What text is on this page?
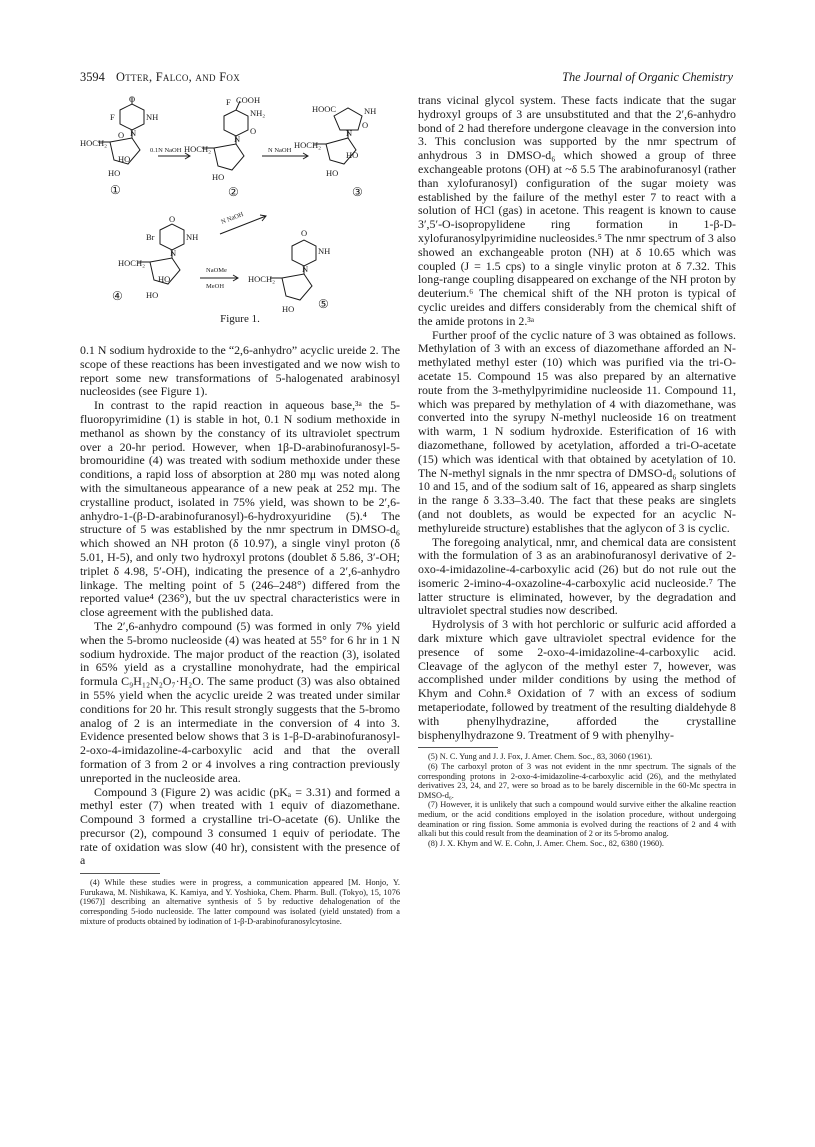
3594 Otter, Falco, and Fox	The Journal of Organic Chemistry
F	NH
O
N
O
HOCH₂
HO
HO
①
0.1N NaOH
F COOH
NH₂
O
N
HOCH₂
HO
②
N NaOH
HOOC	NH
N
O
HOCH₂
HO
HO
③
N NaOH
Br	NH
O
N
HOCH₂
HO
HO
④
NaOMe
MeOH
NH
O
N
HOCH₂
HO ⑤
Figure 1.

0.1 N sodium hydroxide to the “2,6-anhydro” acyclic ureide 2. The scope of these reactions has been investigated and we now wish to report some new transformations of 5-halogenated arabinosyl nucleosides (see Figure 1).

In contrast to the rapid reaction in aqueous base,³ᵃ the 5-fluoropyrimidine (1) is stable in hot, 0.1 N sodium methoxide in methanol as shown by the constancy of its ultraviolet spectrum over a 20-hr period. However, when 1β-D-arabinofuranosyl-5-bromouridine (4) was treated with sodium methoxide under these conditions, a rapid loss of absorption at 280 mμ was noted along with the simultaneous appearance of a new peak at 252 mμ. The crystalline product, isolated in 75% yield, was shown to be 2′,6-anhydro-1-(β-D-arabinofuranosyl)-6-hydroxyuridine (5).⁴ The structure of 5 was established by the nmr spectrum in DMSO-d₆ which showed an NH proton (δ 10.97), a single vinyl proton (δ 5.01, H-5), and only two hydroxyl protons (doublet δ 5.86, 3′-OH; triplet δ 4.98, 5′-OH), indicating the presence of a 2′,6-anhydro linkage. The melting point of 5 (246–248°) differed from the reported value⁴ (236°), but the uv spectral characteristics were in close agreement with the published data.

The 2′,6-anhydro compound (5) was formed in only 7% yield when the 5-bromo nucleoside (4) was heated at 55° for 6 hr in 1 N sodium hydroxide. The major product of the reaction (3), isolated in 65% yield as a crystalline monohydrate, had the empirical formula C₉H₁₂N₂O₇·H₂O. The same product (3) was also obtained in 55% yield when the acyclic ureide 2 was treated under similar conditions for 20 hr. This result strongly suggests that the 5-bromo analog of 2 is an intermediate in the conversion of 4 into 3. Evidence presented below shows that 3 is 1-β-D-arabinofuranosyl-2-oxo-4-imidazoline-4-carboxylic acid and that the overall formation of 3 from 2 or 4 involves a ring contraction previously unreported in the nucleoside area.

Compound 3 (Figure 2) was acidic (pKₐ = 3.31) and formed a methyl ester (7) when treated with 1 equiv of diazomethane. Compound 3 formed a crystalline tri-O-acetate (6). Unlike the precursor (2), compound 3 consumed 1 equiv of periodate. The rate of oxidation was slow (40 hr), consistent with the presence of a

(4) While these studies were in progress, a communication appeared [M. Honjo, Y. Furukawa, M. Nishikawa, K. Kamiya, and Y. Yoshioka, Chem. Pharm. Bull. (Tokyo), 15, 1076 (1967)] describing an alternative synthesis of 5 by reductive dehalogenation of the corresponding 5-iodo nucleoside. The latter compound was isolated (yield unstated) from a mixture of products obtained by iodination of 1-β-D-arabinofuranosylcytosine.

trans vicinal glycol system. These facts indicate that the sugar hydroxyl groups of 3 are unsubstituted and that the 2′,6-anhydro bond of 2 had therefore undergone cleavage in the conversion into 3. This conclusion was supported by the nmr spectrum of anhydrous 3 in DMSO-d₆ which showed a group of three exchangeable protons (OH) at ~δ 5.5 The arabinofuranosyl (rather than xylofuranosyl) configuration of the sugar moiety was established by the failure of the methyl ester 7 to react with a solution of HCl (gas) in acetone. This reagent is known to cause 3′,5′-O-isopropylidene ring formation in 1-β-D-xylofuranosylpyrimidine nucleosides.⁵ The nmr spectrum of 3 also showed an exchangeable proton (NH) at δ 10.65 which was coupled (J = 1.5 cps) to a single vinylic proton at δ 7.32. This long-range coupling disappeared on exchange of the NH proton by deuterium.⁶ The chemical shift of the NH proton is typical of cyclic ureides and differs considerably from the chemical shift of the amide protons in 2.³ᵃ

Further proof of the cyclic nature of 3 was obtained as follows. Methylation of 3 with an excess of diazomethane afforded an N-methylated methyl ester (10) which was purified via the tri-O-acetate 15. Compound 15 was also prepared by an alternative route from the 3-methylpyrimidine nucleoside 11. Compound 11, which was prepared by methylation of 4 with diazomethane, was converted into the syrupy N-methyl nucleoside 16 on treatment with warm, 1 N sodium hydroxide. Esterification of 16 with diazomethane, followed by acetylation, afforded a tri-O-acetate (15) which was identical with that obtained by acetylation of 10. The N-methyl signals in the nmr spectra of DMSO-d₆ solutions of 10 and 15, and of the sodium salt of 16, appeared as sharp singlets in the range δ 3.33–3.40. The fact that these peaks are singlets (and not doublets, as would be expected for an acyclic N-methylureide structure) establishes that the aglycon of 3 is cyclic.

The foregoing analytical, nmr, and chemical data are consistent with the formulation of 3 as an arabinofuranosyl derivative of 2-oxo-4-imidazoline-4-carboxylic acid (26) but do not rule out the isomeric 2-imino-4-oxazoline-4-carboxylic acid nucleoside.⁷ The latter structure is eliminated, however, by the degradation and ultraviolet spectral studies now described.

Hydrolysis of 3 with hot perchloric or sulfuric acid afforded a dark mixture which gave ultraviolet spectral evidence for the presence of some 2-oxo-4-imidazoline-4-carboxylic acid. Cleavage of the aglycon of the methyl ester 7, however, was accomplished under milder conditions by using the method of Khym and Cohn.⁸ Oxidation of 7 with an excess of sodium metaperiodate, followed by treatment of the resulting dialdehyde 8 with phenylhydrazine, afforded the crystalline bisphenylhydrazone 9. Treatment of 9 with phenylhy-

(5) N. C. Yung and J. J. Fox, J. Amer. Chem. Soc., 83, 3060 (1961).

(6) The carboxyl proton of 3 was not evident in the nmr spectrum. The signals of the corresponding protons in 2-oxo-4-imidazoline-4-carboxylic acid (26), and the methylated derivatives 23, 24, and 27, were so broad as to be barely discernible in the 60-Mc spectra in DMSO-d₆.

(7) However, it is unlikely that such a compound would survive either the alkaline reaction medium, or the acid conditions employed in the isolation procedure, without undergoing deamination or ring fission. Some ammonia is evolved during the reactions of 2 and 4 with alkali but this could result from the deamination of 2 or its 5-bromo analog.

(8) J. X. Khym and W. E. Cohn, J. Amer. Chem. Soc., 82, 6380 (1960).
